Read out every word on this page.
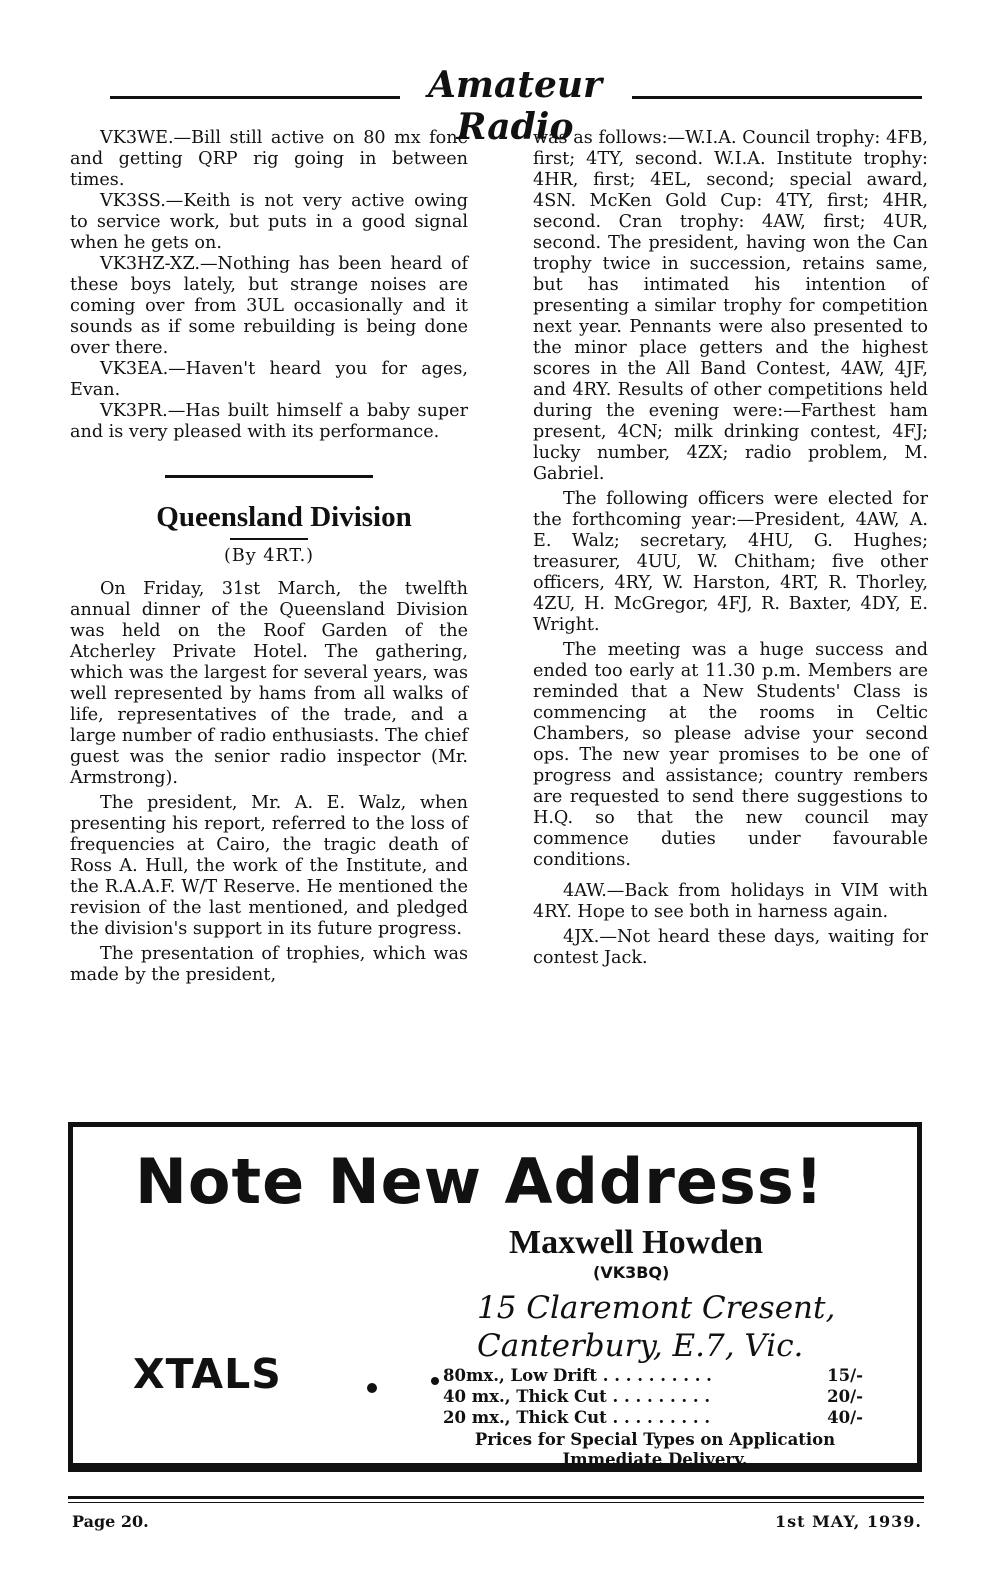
Amateur Radio

VK3WE.—Bill still active on 80 mx fone and getting QRP rig going in between times.

VK3SS.—Keith is not very active owing to service work, but puts in a good signal when he gets on.

VK3HZ-XZ.—Nothing has been heard of these boys lately, but strange noises are coming over from 3UL occasionally and it sounds as if some rebuilding is being done over there.

VK3EA.—Haven't heard you for ages, Evan.

VK3PR.—Has built himself a baby super and is very pleased with its performance.

Queensland Division

(By 4RT.)

On Friday, 31st March, the twelfth annual dinner of the Queensland Division was held on the Roof Garden of the Atcherley Private Hotel. The gathering, which was the largest for several years, was well represented by hams from all walks of life, representatives of the trade, and a large number of radio enthusiasts. The chief guest was the senior radio inspector (Mr. Armstrong).

The president, Mr. A. E. Walz, when presenting his report, referred to the loss of frequencies at Cairo, the tragic death of Ross A. Hull, the work of the Institute, and the R.A.A.F. W/T Reserve. He mentioned the revision of the last mentioned, and pledged the division's support in its future progress.

The presentation of trophies, which was made by the president,

was as follows:—W.I.A. Council trophy: 4FB, first; 4TY, second. W.I.A. Institute trophy: 4HR, first; 4EL, second; special award, 4SN. McKen Gold Cup: 4TY, first; 4HR, second. Cran trophy: 4AW, first; 4UR, second. The president, having won the Can trophy twice in succession, retains same, but has intimated his intention of presenting a similar trophy for competition next year. Pennants were also presented to the minor place getters and the highest scores in the All Band Contest, 4AW, 4JF, and 4RY. Results of other competitions held during the evening were:—Farthest ham present, 4CN; milk drinking contest, 4FJ; lucky number, 4ZX; radio problem, M. Gabriel.

The following officers were elected for the forthcoming year:—President, 4AW, A. E. Walz; secretary, 4HU, G. Hughes; treasurer, 4UU, W. Chitham; five other officers, 4RY, W. Harston, 4RT, R. Thorley, 4ZU, H. McGregor, 4FJ, R. Baxter, 4DY, E. Wright.

The meeting was a huge success and ended too early at 11.30 p.m. Members are reminded that a New Students' Class is commencing at the rooms in Celtic Chambers, so please advise your second ops. The new year promises to be one of progress and assistance; country rembers are requested to send there suggestions to H.Q. so that the new council may commence duties under favourable conditions.

4AW.—Back from holidays in VIM with 4RY. Hope to see both in harness again.

4JX.—Not heard these days, waiting for contest Jack.

Note New Address!
Maxwell Howden
(VK3BQ)
15 Claremont Cresent,
Canterbury, E.7, Vic.
XTALS	80mx., Low Drift . . . . . . . . . .	15/-
40 mx., Thick Cut . . . . . . . . .	20/-
20 mx., Thick Cut . . . . . . . . .	40/-
Prices for Special Types on Application
Immediate Delivery.
Page 20.	1st MAY, 1939.
